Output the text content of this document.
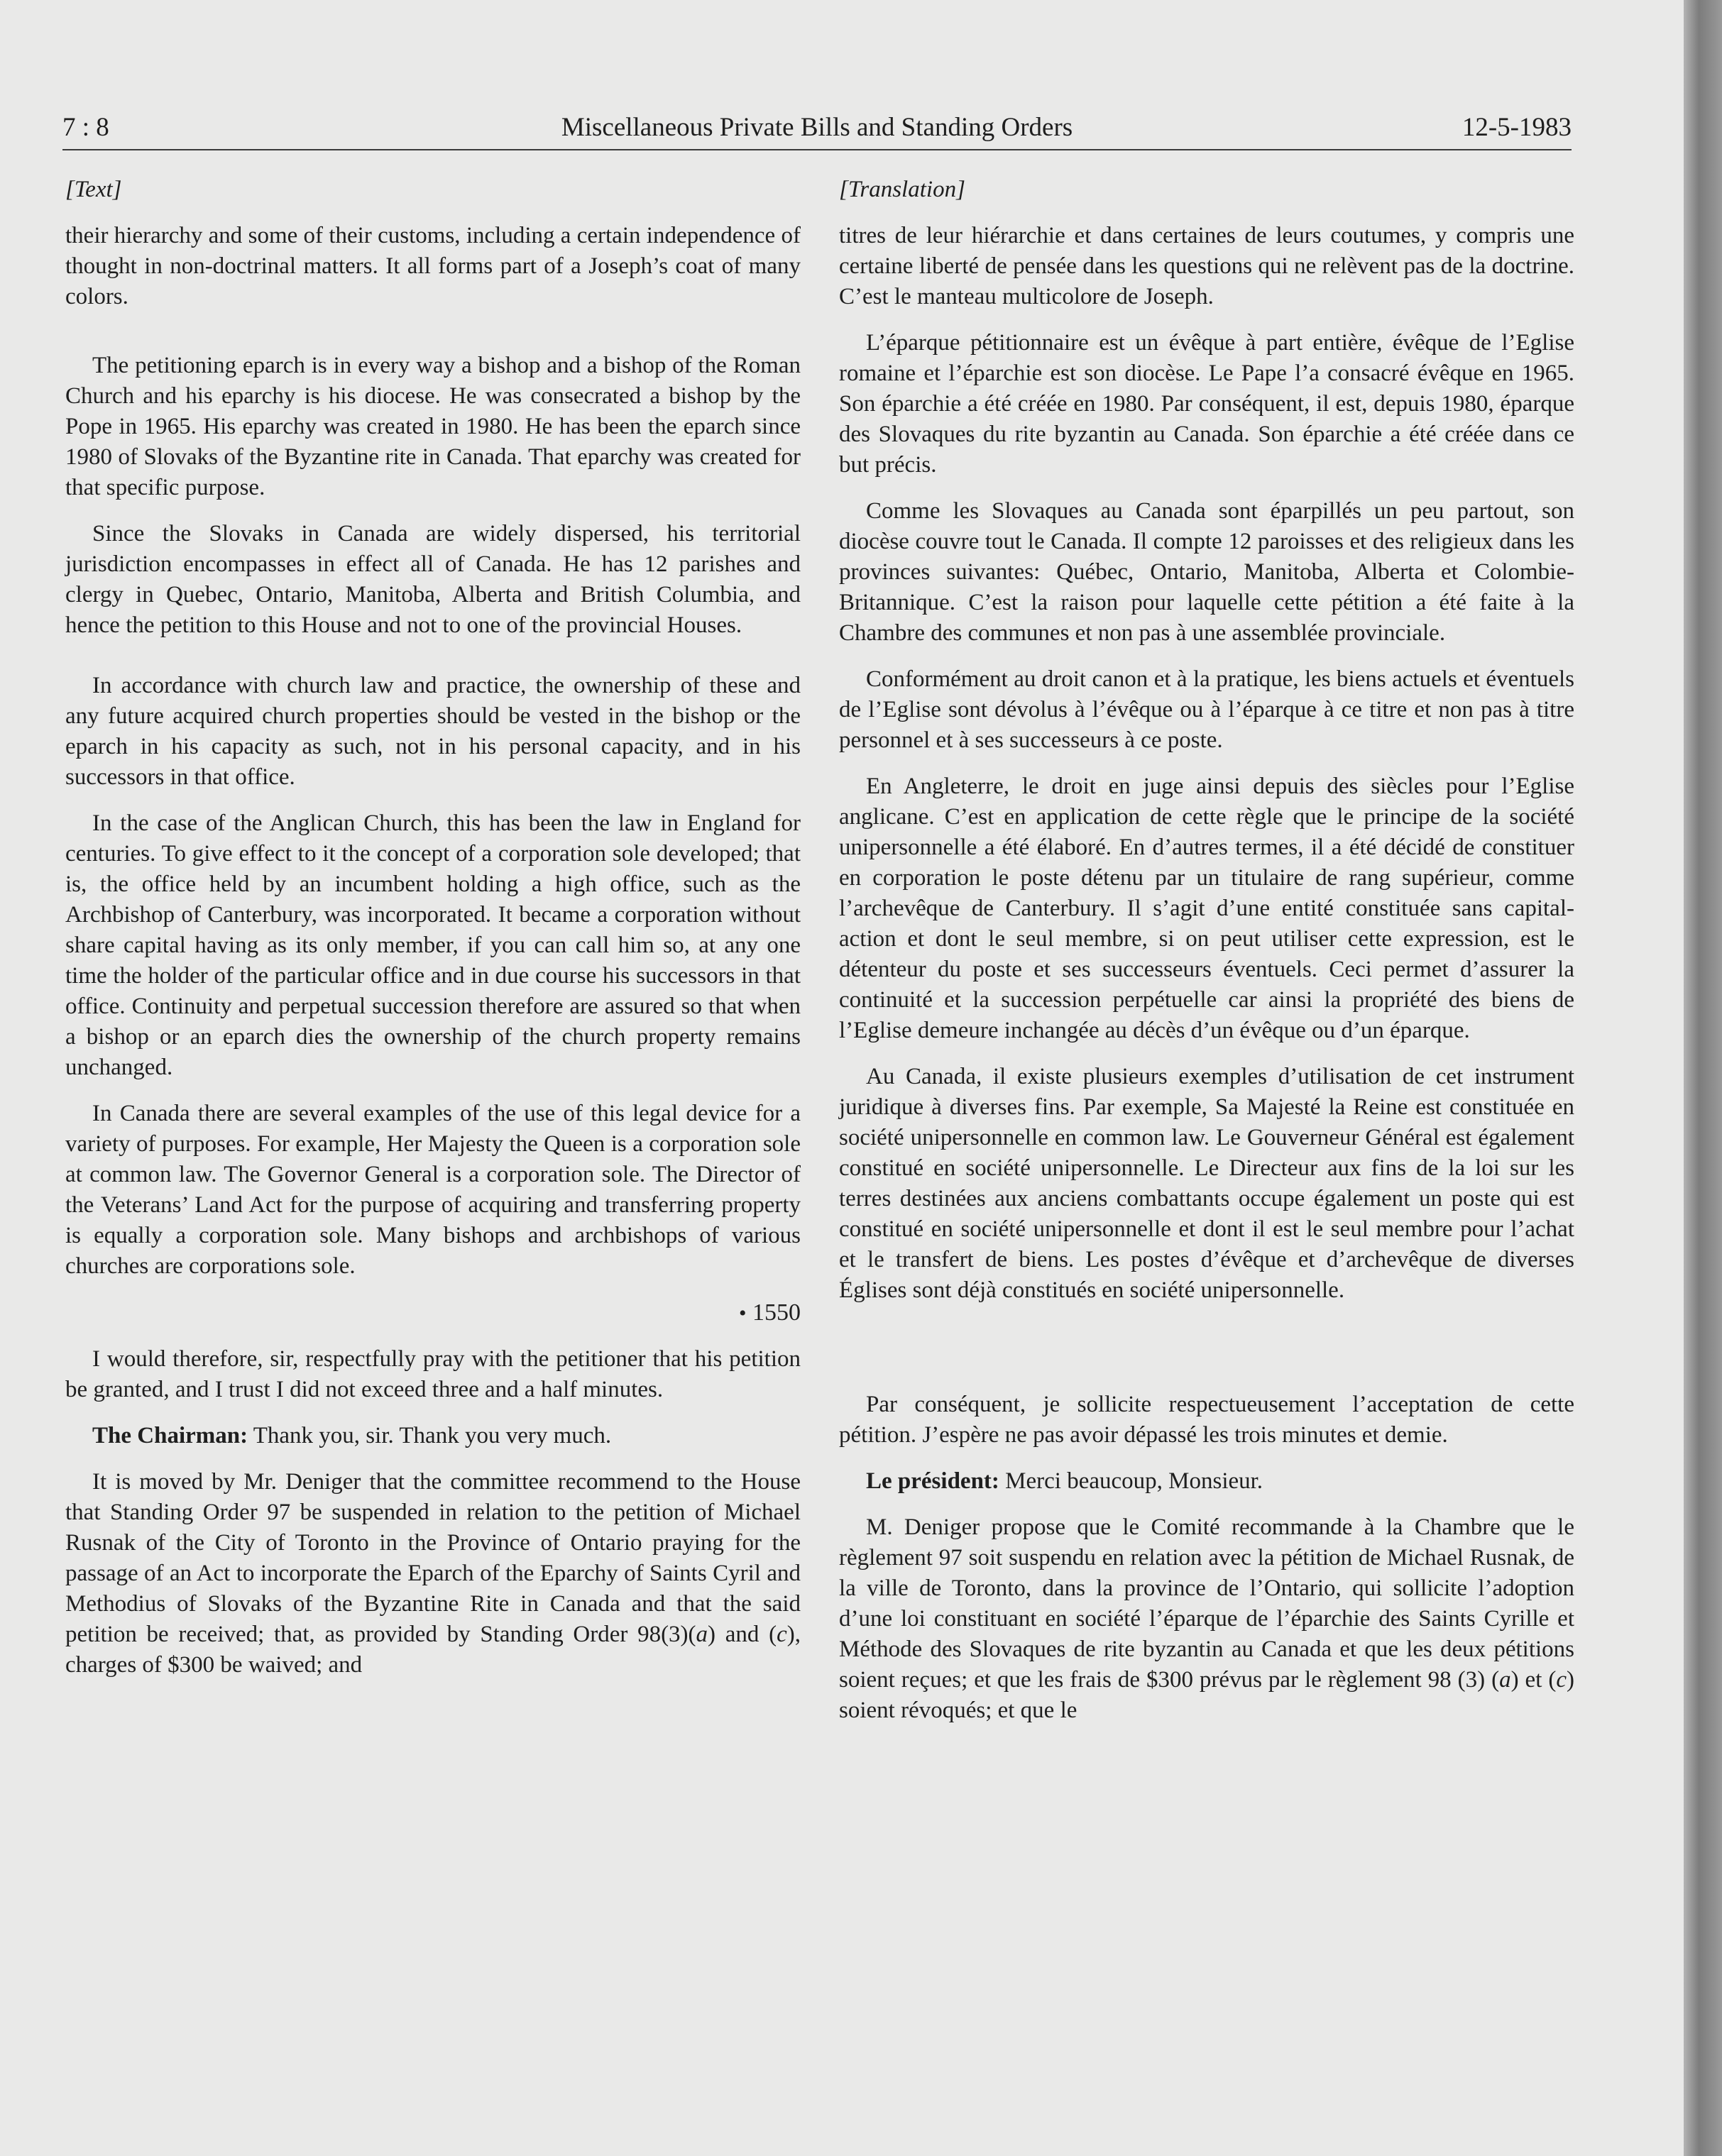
7 : 8	Miscellaneous Private Bills and Standing Orders	12-5-1983

[Text]

their hierarchy and some of their customs, including a certain independence of thought in non-doctrinal matters. It all forms part of a Joseph’s coat of many colors.

The petitioning eparch is in every way a bishop and a bishop of the Roman Church and his eparchy is his diocese. He was consecrated a bishop by the Pope in 1965. His eparchy was created in 1980. He has been the eparch since 1980 of Slovaks of the Byzantine rite in Canada. That eparchy was created for that specific purpose.

Since the Slovaks in Canada are widely dispersed, his territorial jurisdiction encompasses in effect all of Canada. He has 12 parishes and clergy in Quebec, Ontario, Manitoba, Alberta and British Columbia, and hence the petition to this House and not to one of the provincial Houses.

In accordance with church law and practice, the ownership of these and any future acquired church properties should be vested in the bishop or the eparch in his capacity as such, not in his personal capacity, and in his successors in that office.

In the case of the Anglican Church, this has been the law in England for centuries. To give effect to it the concept of a corporation sole developed; that is, the office held by an incumbent holding a high office, such as the Archbishop of Canterbury, was incorporated. It became a corporation without share capital having as its only member, if you can call him so, at any one time the holder of the particular office and in due course his successors in that office. Continuity and perpetual succession therefore are assured so that when a bishop or an eparch dies the ownership of the church property remains unchanged.

In Canada there are several examples of the use of this legal device for a variety of purposes. For example, Her Majesty the Queen is a corporation sole at common law. The Governor General is a corporation sole. The Director of the Veterans’ Land Act for the purpose of acquiring and transferring property is equally a corporation sole. Many bishops and archbishops of various churches are corporations sole.

• 1550

I would therefore, sir, respectfully pray with the petitioner that his petition be granted, and I trust I did not exceed three and a half minutes.

The Chairman: Thank you, sir. Thank you very much.

It is moved by Mr. Deniger that the committee recommend to the House that Standing Order 97 be suspended in relation to the petition of Michael Rusnak of the City of Toronto in the Province of Ontario praying for the passage of an Act to incorporate the Eparch of the Eparchy of Saints Cyril and Methodius of Slovaks of the Byzantine Rite in Canada and that the said petition be received; that, as provided by Standing Order 98(3)(a) and (c), charges of $300 be waived; and

[Translation]

titres de leur hiérarchie et dans certaines de leurs coutumes, y compris une certaine liberté de pensée dans les questions qui ne relèvent pas de la doctrine. C’est le manteau multicolore de Joseph.

L’éparque pétitionnaire est un évêque à part entière, évêque de l’Eglise romaine et l’éparchie est son diocèse. Le Pape l’a consacré évêque en 1965. Son éparchie a été créée en 1980. Par conséquent, il est, depuis 1980, éparque des Slovaques du rite byzantin au Canada. Son éparchie a été créée dans ce but précis.

Comme les Slovaques au Canada sont éparpillés un peu partout, son diocèse couvre tout le Canada. Il compte 12 paroisses et des religieux dans les provinces suivantes: Québec, Ontario, Manitoba, Alberta et Colombie-Britannique. C’est la raison pour laquelle cette pétition a été faite à la Chambre des communes et non pas à une assemblée provinciale.

Conformément au droit canon et à la pratique, les biens actuels et éventuels de l’Eglise sont dévolus à l’évêque ou à l’éparque à ce titre et non pas à titre personnel et à ses successeurs à ce poste.

En Angleterre, le droit en juge ainsi depuis des siècles pour l’Eglise anglicane. C’est en application de cette règle que le principe de la société unipersonnelle a été élaboré. En d’autres termes, il a été décidé de constituer en corporation le poste détenu par un titulaire de rang supérieur, comme l’archevêque de Canterbury. Il s’agit d’une entité constituée sans capital-action et dont le seul membre, si on peut utiliser cette expression, est le détenteur du poste et ses successeurs éventuels. Ceci permet d’assurer la continuité et la succession perpétuelle car ainsi la propriété des biens de l’Eglise demeure inchangée au décès d’un évêque ou d’un éparque.

Au Canada, il existe plusieurs exemples d’utilisation de cet instrument juridique à diverses fins. Par exemple, Sa Majesté la Reine est constituée en société unipersonnelle en common law. Le Gouverneur Général est également constitué en société unipersonnelle. Le Directeur aux fins de la loi sur les terres destinées aux anciens combattants occupe également un poste qui est constitué en société unipersonnelle et dont il est le seul membre pour l’achat et le transfert de biens. Les postes d’évêque et d’archevêque de diverses Églises sont déjà constitués en société unipersonnelle.

Par conséquent, je sollicite respectueusement l’acceptation de cette pétition. J’espère ne pas avoir dépassé les trois minutes et demie.

Le président: Merci beaucoup, Monsieur.

M. Deniger propose que le Comité recommande à la Chambre que le règlement 97 soit suspendu en relation avec la pétition de Michael Rusnak, de la ville de Toronto, dans la province de l’Ontario, qui sollicite l’adoption d’une loi constituant en société l’éparque de l’éparchie des Saints Cyrille et Méthode des Slovaques de rite byzantin au Canada et que les deux pétitions soient reçues; et que les frais de $300 prévus par le règlement 98 (3) (a) et (c) soient révoqués; et que le
